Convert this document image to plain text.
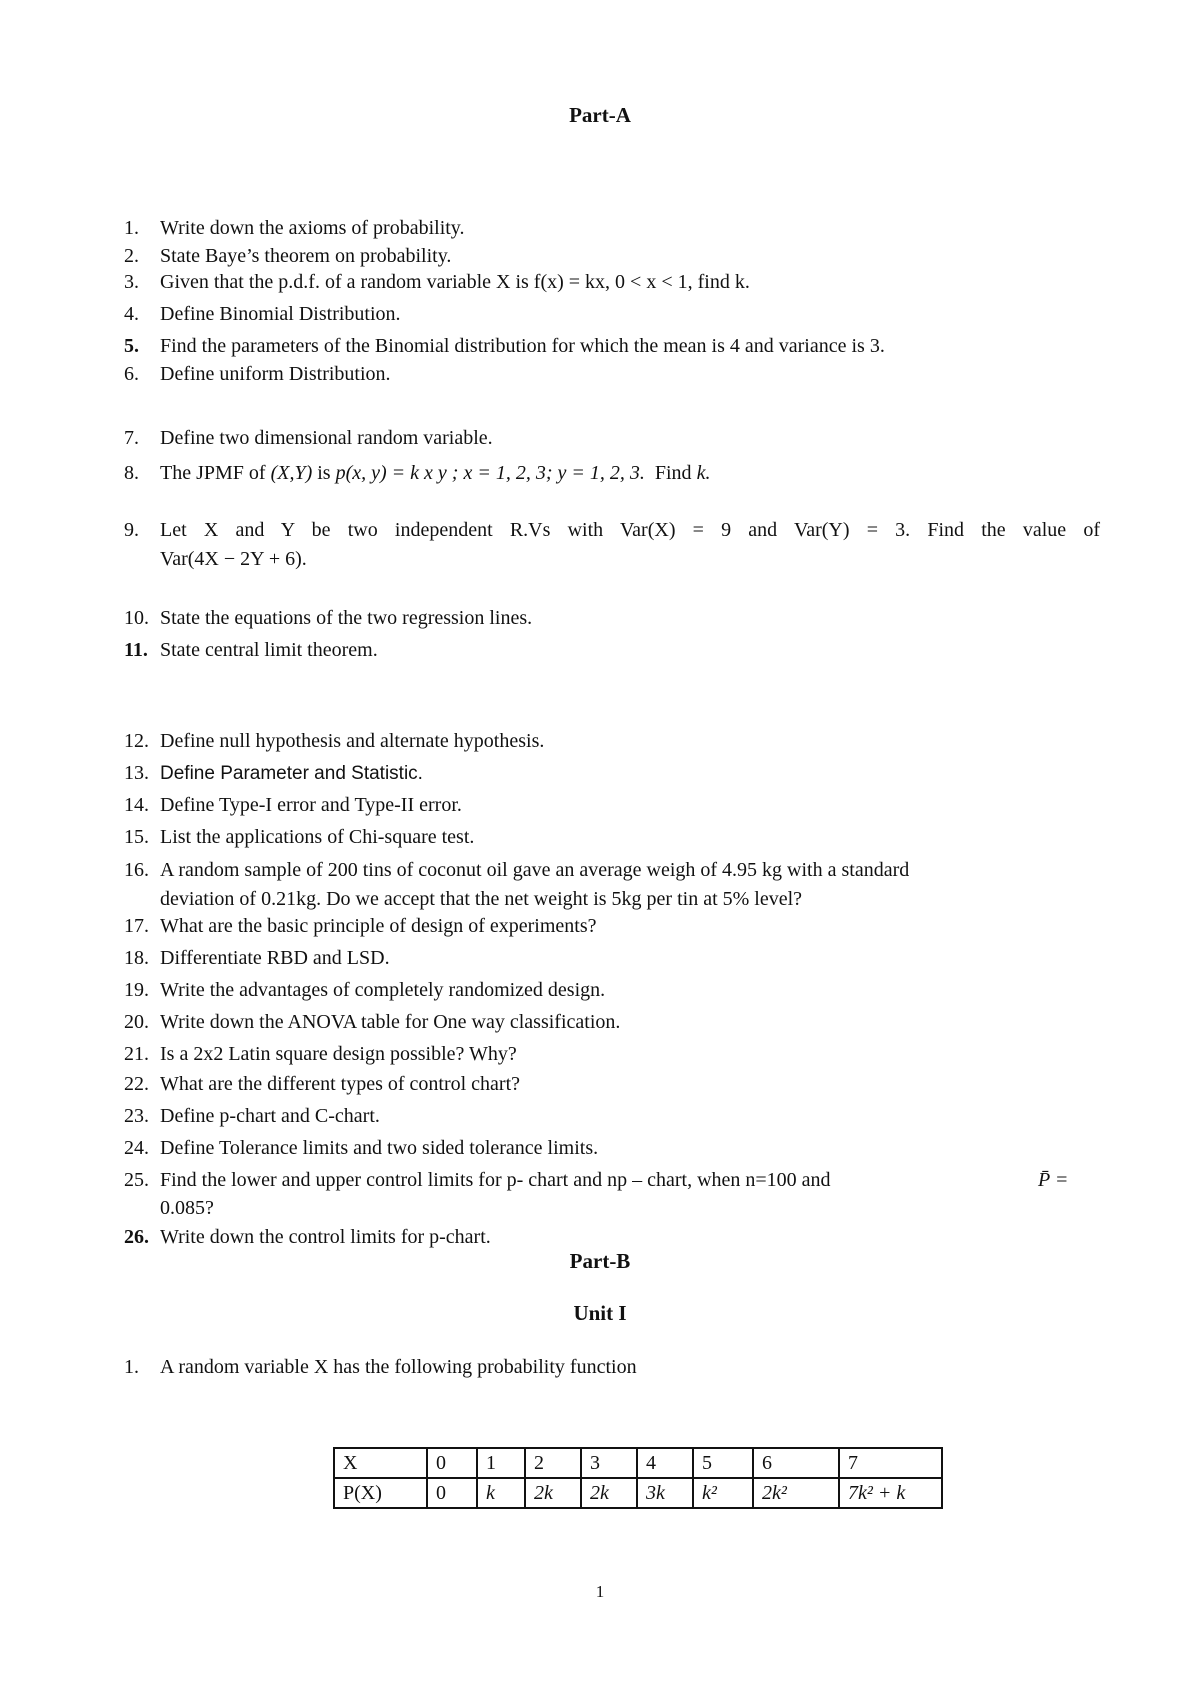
Part-A
1. Write down the axioms of probability.
2. State Baye’s theorem on probability.
3. Given that the p.d.f. of a random variable X is f(x) = kx, 0 < x < 1, find k.
4. Define Binomial Distribution.
5. Find the parameters of the Binomial distribution for which the mean is 4 and variance is 3.
6. Define uniform Distribution.
7. Define two dimensional random variable.
8. The JPMF of (X,Y) is p(x, y) = k x y ; x = 1, 2, 3; y = 1, 2, 3. Find k.
9. Let X and Y be two independent R.Vs with Var(X) = 9 and Var(Y) = 3. Find the value of
Var(4X − 2Y + 6).
10. State the equations of the two regression lines.
11. State central limit theorem.
12. Define null hypothesis and alternate hypothesis.
13. Define Parameter and Statistic.
14. Define Type-I error and Type-II error.
15. List the applications of Chi-square test.
16. A random sample of 200 tins of coconut oil gave an average weigh of 4.95 kg with a standard
deviation of 0.21kg. Do we accept that the net weight is 5kg per tin at 5% level?
17. What are the basic principle of design of experiments?
18. Differentiate RBD and LSD.
19. Write the advantages of completely randomized design.
20. Write down the ANOVA table for One way classification.
21. Is a 2x2 Latin square design possible? Why?
22. What are the different types of control chart?
23. Define p-chart and C-chart.
24. Define Tolerance limits and two sided tolerance limits.
25. Find the lower and upper control limits for p- chart and np – chart, when n=100 and	P̄ =
0.085?
26. Write down the control limits for p-chart.
Part-B
Unit I
1. A random variable X has the following probability function
X	0	1	2	3	4	5	6	7
P(X)	0	k	2k	2k	3k	k²	2k²	7k² + k
1
